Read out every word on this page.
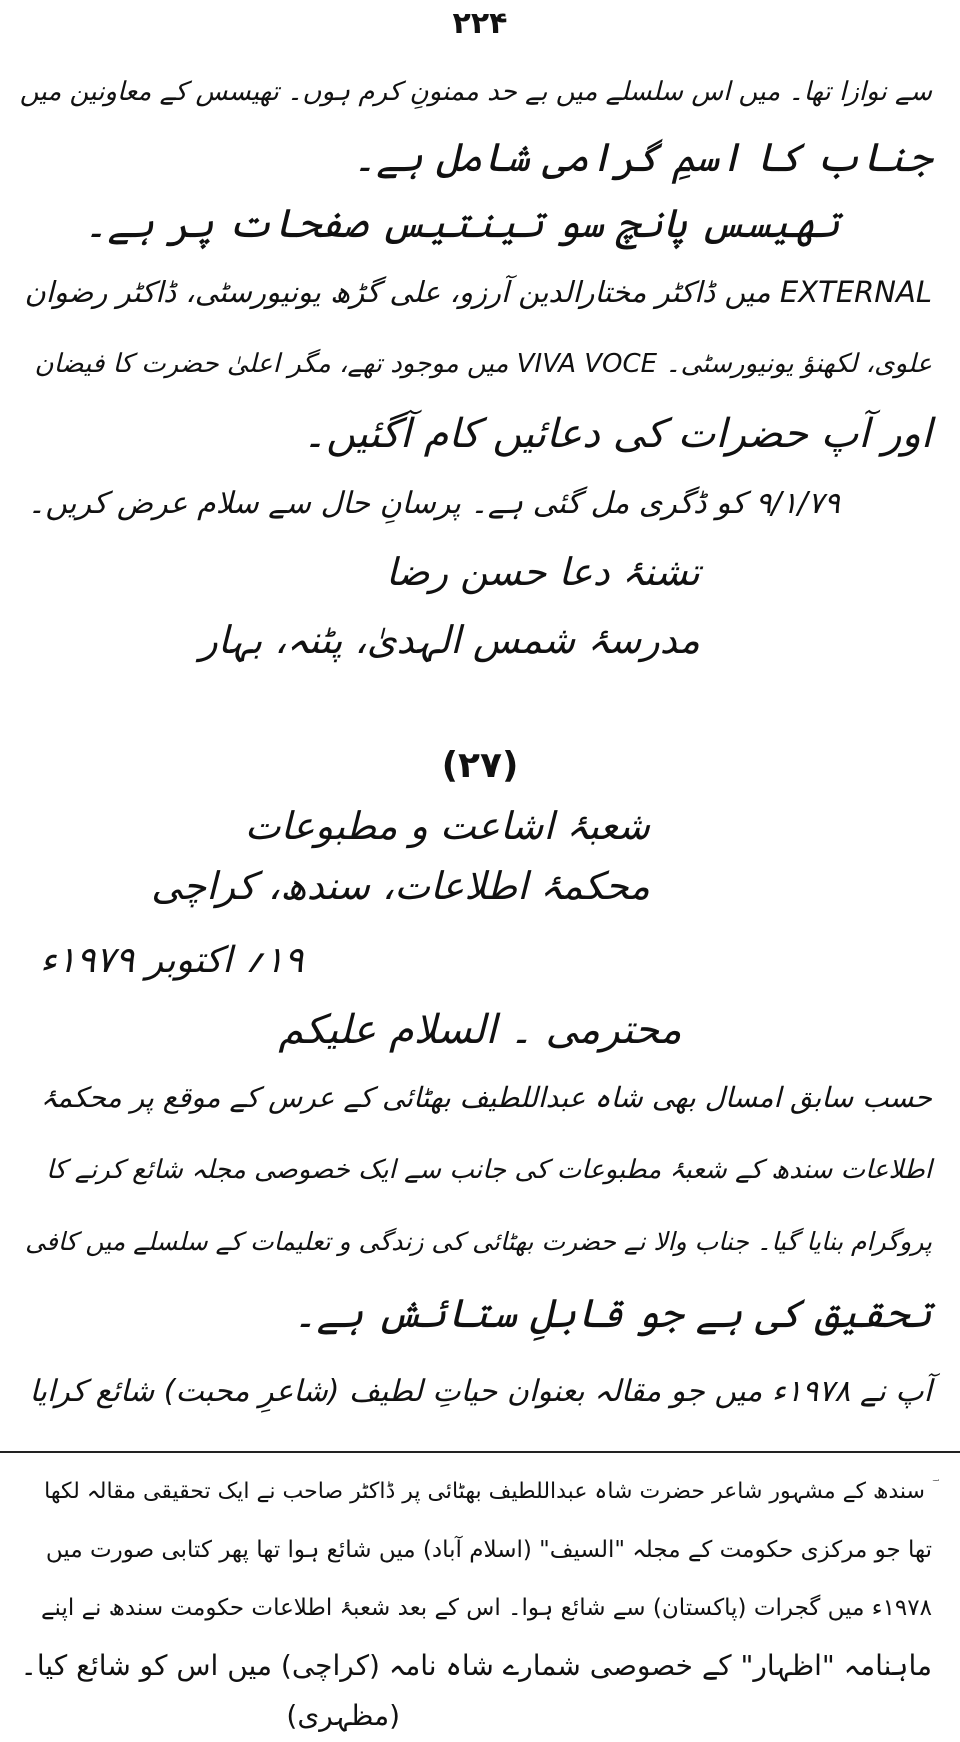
۲۲۴
سے نوازا تھا۔ میں اس سلسلے میں بے حد ممنونِ کرم ہوں۔ تھیسس کے معاونین میں
جناب کا اسمِ گرامی شامل ہے۔
تھیسس پانچ سو تینتیس صفحات پر ہے۔
EXTERNAL میں ڈاکٹر مختارالدین آرزو، علی گڑھ یونیورسٹی، ڈاکٹر رضوان
علوی، لکھنؤ یونیورسٹی۔ VIVA VOCE میں موجود تھے، مگر اعلیٰ حضرت کا فیضان
اور آپ حضرات کی دعائیں کام آگئیں۔
۹/۱/۷۹ کو ڈگری مل گئی ہے۔ پرسانِ حال سے سلام عرض کریں۔
تشنۂ دعا حسن رضا
مدرسۂ شمس الہدیٰ، پٹنہ، بہار
(۲۷)
شعبۂ اشاعت و مطبوعات
محکمۂ اطلاعات، سندھ، کراچی
۱۹؍ اکتوبر ۱۹۷۹ء
محترمی ۔ السلام علیکم
حسب سابق امسال بھی شاہ عبداللطیف بھٹائی کے عرس کے موقع پر محکمۂ
اطلاعات سندھ کے شعبۂ مطبوعات کی جانب سے ایک خصوصی مجلہ شائع کرنے کا
پروگرام بنایا گیا۔ جناب والا نے حضرت بھٹائی کی زندگی و تعلیمات کے سلسلے میں کافی
تحقیق کی ہے جو قابلِ ستائش ہے۔
آپ نے ۱۹۷۸ء میں جو مقالہ بعنوان حیاتِ لطیف (شاعرِ محبت) شائع کرایا
ؔ سندھ کے مشہور شاعر حضرت شاہ عبداللطیف بھٹائی پر ڈاکٹر صاحب نے ایک تحقیقی مقالہ لکھا
تھا جو مرکزی حکومت کے مجلہ "السیف" (اسلام آباد) میں شائع ہوا تھا پھر کتابی صورت میں
۱۹۷۸ء میں گجرات (پاکستان) سے شائع ہوا۔ اس کے بعد شعبۂ اطلاعات حکومت سندھ نے اپنے
ماہنامہ "اظہار" کے خصوصی شمارے شاہ نامہ (کراچی) میں اس کو شائع کیا۔
(مظہری)
